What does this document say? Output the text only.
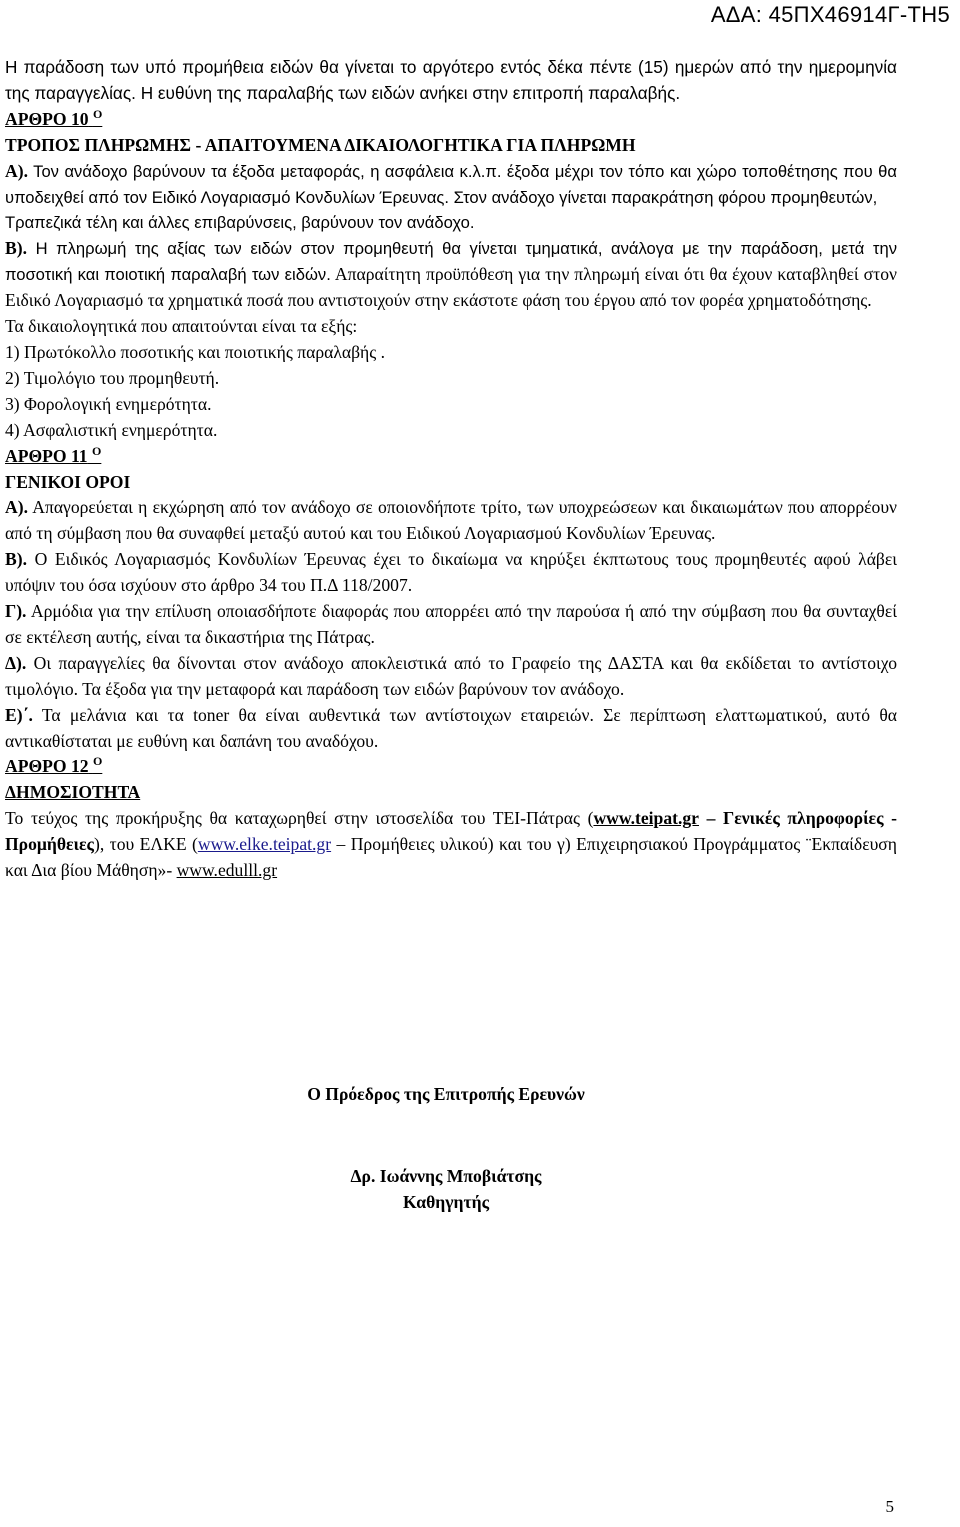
ΑΔΑ: 45ΠΧ46914Γ-ΤΗ5

Η παράδοση των υπό προμήθεια ειδών θα γίνεται το αργότερο εντός δέκα πέντε (15) ημερών από την ημερομηνία της παραγγελίας. Η ευθύνη της παραλαβής των ειδών ανήκει στην επιτροπή παραλαβής.

ΑΡΘΡΟ 10 $^O$

ΤΡΟΠΟΣ ΠΛΗΡΩΜΗΣ - ΑΠΑΙΤΟΥΜΕΝΑ ΔΙΚΑΙΟΛΟΓΗΤΙΚΑ ΓΙΑ ΠΛΗΡΩΜΗ

Α). Τον ανάδοχο βαρύνουν τα έξοδα μεταφοράς, η ασφάλεια κ.λ.π. έξοδα μέχρι τον τόπο και χώρο τοποθέτησης που θα υποδειχθεί από τον Ειδικό Λογαριασμό Κονδυλίων Έρευνας. Στον ανάδοχο γίνεται παρακράτηση φόρου προμηθευτών,

Τραπεζικά τέλη και άλλες επιβαρύνσεις, βαρύνουν τον ανάδοχο.

Β). Η πληρωμή της αξίας των ειδών στον προμηθευτή θα γίνεται τμηματικά, ανάλογα με την παράδοση, μετά την ποσοτική και ποιοτική παραλαβή των ειδών. Απαραίτητη προϋπόθεση για την πληρωμή είναι ότι θα έχουν καταβληθεί στον Ειδικό Λογαριασμό τα χρηματικά ποσά που αντιστοιχούν στην εκάστοτε φάση του έργου από τον φορέα χρηματοδότησης.

Τα δικαιολογητικά που απαιτούνται είναι τα εξής:

1) Πρωτόκολλο ποσοτικής και ποιοτικής παραλαβής .

2) Τιμολόγιο του προμηθευτή.

3) Φορολογική ενημερότητα.

4) Ασφαλιστική ενημερότητα.

ΑΡΘΡΟ 11 $^O$

ΓΕΝΙΚΟΙ ΟΡΟΙ

Α). Απαγορεύεται η εκχώρηση από τον ανάδοχο σε οποιονδήποτε τρίτο, των υποχρεώσεων και δικαιωμάτων που απορρέουν από τη σύμβαση που θα συναφθεί μεταξύ αυτού και του Ειδικού Λογαριασμού Κονδυλίων Έρευνας.

Β). Ο Ειδικός Λογαριασμός Κονδυλίων Έρευνας έχει το δικαίωμα να κηρύξει έκπτωτους τους προμηθευτές αφού λάβει υπόψιν του όσα ισχύουν στο άρθρο 34 του Π.Δ 118/2007.

Γ). Αρμόδια για την επίλυση οποιασδήποτε διαφοράς που απορρέει από την παρούσα ή από την σύμβαση που θα συνταχθεί σε εκτέλεση αυτής, είναι τα δικαστήρια της Πάτρας.

Δ). Οι παραγγελίες θα δίνονται στον ανάδοχο αποκλειστικά από το Γραφείο της ΔΑΣΤΑ και θα εκδίδεται το αντίστοιχο τιμολόγιο. Τα έξοδα για την μεταφορά και παράδοση των ειδών βαρύνουν τον ανάδοχο.

Ε)΄. Τα μελάνια και τα toner θα είναι αυθεντικά των αντίστοιχων εταιρειών. Σε περίπτωση ελαττωματικού, αυτό θα αντικαθίσταται με ευθύνη και δαπάνη του αναδόχου.

ΑΡΘΡΟ 12 $^O$

ΔΗΜΟΣΙΟΤΗΤΑ

Το τεύχος της προκήρυξης θα καταχωρηθεί στην ιστοσελίδα του ΤΕΙ-Πάτρας (www.teipat.gr – Γενικές πληροφορίες - Προμήθειες), του ΕΛΚΕ (www.elke.teipat.gr – Προμήθειες υλικού) και του γ) Επιχειρησιακού Προγράμματος ¨Εκπαίδευση και Δια βίου Μάθηση»- www.edulll.gr

Ο Πρόεδρος της Επιτροπής Ερευνών
Δρ. Ιωάννης Μποβιάτσης
Καθηγητής
5
